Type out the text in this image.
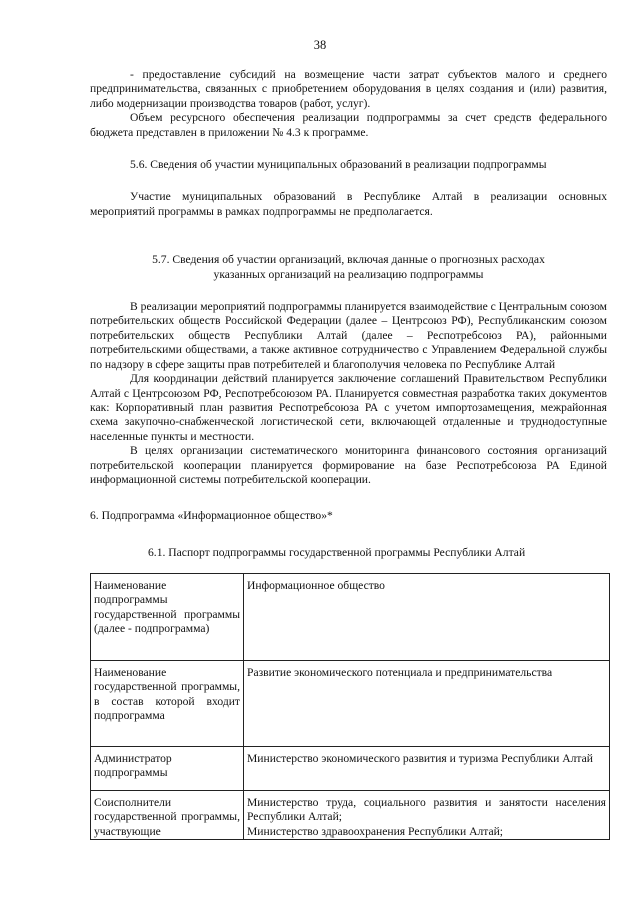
38

- предоставление субсидий на возмещение части затрат субъектов малого и среднего предпринимательства, связанных с приобретением оборудования в целях создания и (или) развития, либо модернизации производства товаров (работ, услуг).

Объем ресурсного обеспечения реализации подпрограммы за счет средств федерального бюджета представлен в приложении № 4.3 к программе.

5.6. Сведения об участии муниципальных образований в реализации подпрограммы

Участие муниципальных образований в Республике Алтай в реализации основных мероприятий программы в рамках подпрограммы не предполагается.

5.7. Сведения об участии организаций, включая данные о прогнозных расходах
указанных организаций на реализацию подпрограммы

В реализации мероприятий подпрограммы планируется взаимодействие с Центральным союзом потребительских обществ Российской Федерации (далее – Центрсоюз РФ), Республиканским союзом потребительских обществ Республики Алтай (далее – Респотребсоюз РА), районными потребительскими обществами, а также активное сотрудничество с Управлением Федеральной службы по надзору в сфере защиты прав потребителей и благополучия человека по Республике Алтай

Для координации действий планируется заключение соглашений Правительством Республики Алтай с Центрсоюзом РФ, Респотребсоюзом РА. Планируется совместная разработка таких документов как: Корпоративный план развития Респотребсоюза РА с учетом импортозамещения, межрайонная схема закупочно-снабженческой логистической сети, включающей отдаленные и труднодоступные населенные пункты и местности.

В целях организации систематического мониторинга финансового состояния организаций потребительской кооперации планируется формирование на базе Респотребсоюза РА Единой информационной системы потребительской кооперации.

6. Подпрограмма «Информационное общество»*

6.1. Паспорт подпрограммы государственной программы Республики Алтай

Наименование подпрограммы государственной программы (далее - подпрограмма)	Информационное общество
Наименование государственной программы, в состав которой входит подпрограмма	Развитие экономического потенциала и предпринимательства
Администратор подпрограммы	Министерство экономического развития и туризма Республики Алтай
Соисполнители государственной программы, участвующие	Министерство труда, социального развития и занятости населения Республики Алтай;
Министерство здравоохранения Республики Алтай;
